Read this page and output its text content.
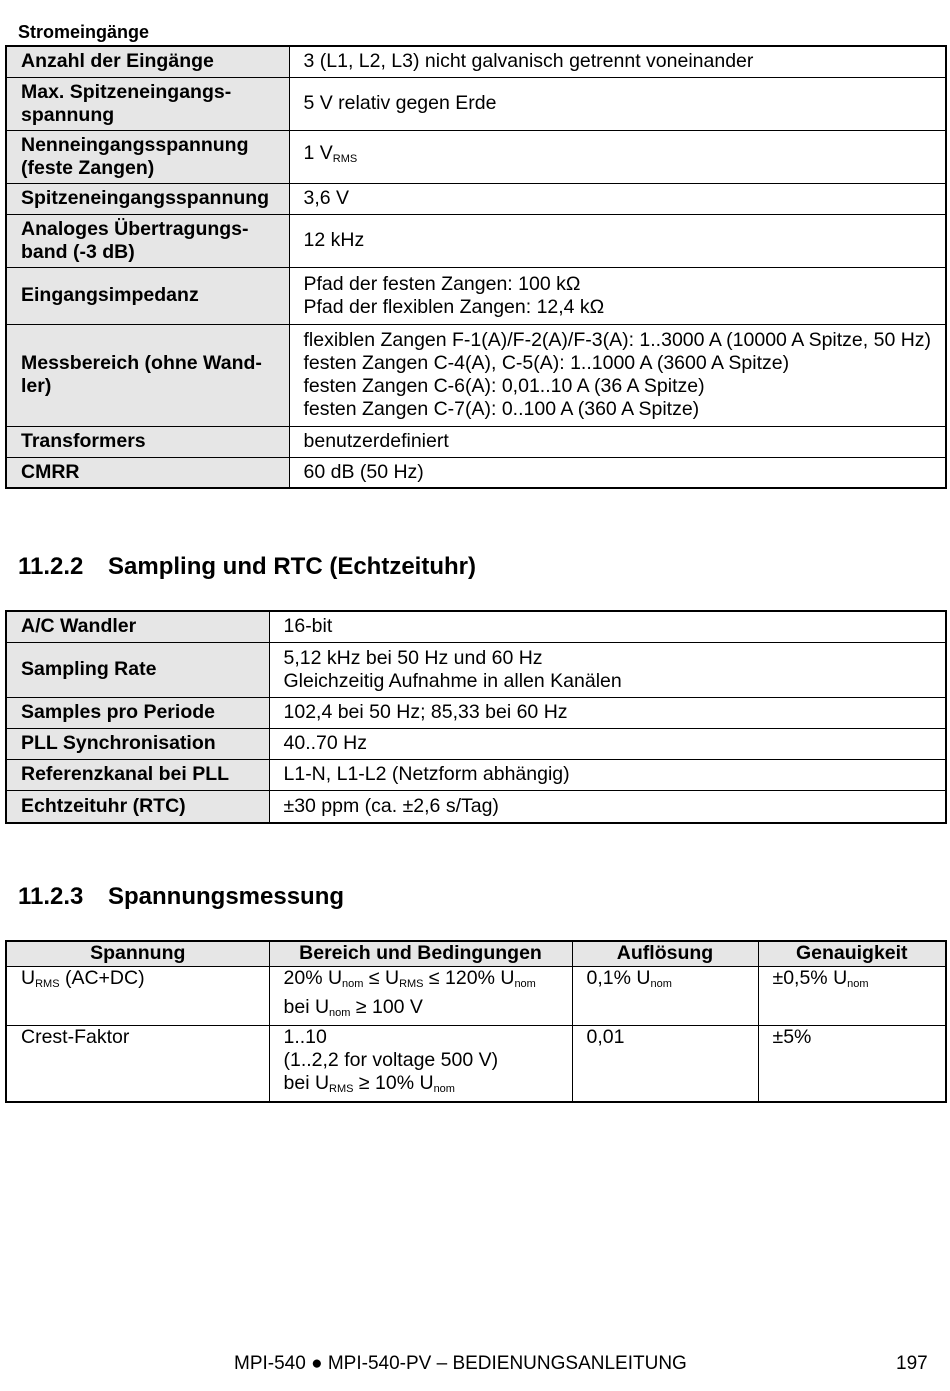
Stromeingänge
Anzahl der Eingänge	3 (L1, L2, L3) nicht galvanisch getrennt voneinander

Max. Spitzeneingangs-spannung	5 V relativ gegen Erde

Nenneingangsspannung (feste Zangen)	1 $V_{RMS}$

Spitzeneingangsspannung	3,6 V

Analoges Übertragungs-band (-3 dB)	12 kHz

Eingangsimpedanz	Pfad der festen Zangen: 100 kΩ
Pfad der flexiblen Zangen: 12,4 kΩ

Messbereich (ohne Wand-ler)	flexiblen Zangen F-1(A)/F-2(A)/F-3(A): 1..3000 A (10000 A Spitze, 50 Hz)
festen Zangen C-4(A), C-5(A): 1..1000 A (3600 A Spitze)
festen Zangen C-6(A): 0,01..10 A (36 A Spitze)
festen Zangen C-7(A): 0..100 A (360 A Spitze)

Transformers	benutzerdefiniert

CMRR	60 dB (50 Hz)
11.2.2 Sampling und RTC (Echtzeituhr)
A/C Wandler	16-bit

Sampling Rate	5,12 kHz bei 50 Hz und 60 Hz
Gleichzeitig Aufnahme in allen Kanälen

Samples pro Periode	102,4 bei 50 Hz; 85,33 bei 60 Hz

PLL Synchronisation	40..70 Hz

Referenzkanal bei PLL	L1-N, L1-L2 (Netzform abhängig)

Echtzeituhr (RTC)	±30 ppm (ca. ±2,6 s/Tag)
11.2.3 Spannungsmessung
Spannung	Bereich und Bedingungen	Auflösung	Genauigkeit
$U_{RMS}$ (AC+DC)	20% $U_{nom} \le U_{RMS} \le 120\%$ $U_{nom}$
bei $U_{nom} \ge 100$ V	0,1% $U_{nom}$	±0,5% $U_{nom}$
Crest-Faktor	1..10
(1..2,2 for voltage 500 V)
bei $U_{RMS} \ge 10\%$ $U_{nom}$	0,01	±5%
MPI-540 ● MPI-540-PV – BEDIENUNGSANLEITUNG	197
